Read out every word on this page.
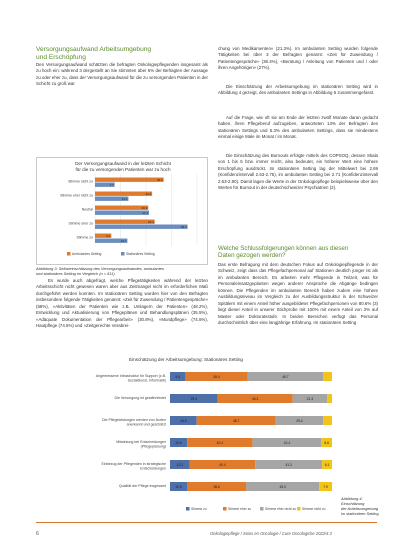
Versorgungsaufwand Arbeitsumgebung
und Erschöpfung
Den Versorgungsaufwand schätzten die befragten Onkologiepflegenden insgesamt als zu hoch ein: während 3 dergestellt an Sie stimmten über 6% der Befragten der Aussage zu oder eher zu, dass der Versorgungsaufwand für die zu versorgenden Patienten in der Schicht zu groß war
Der Versorgungsaufwand in der letzten Schicht
für die zu versorgenden Patienten war zu hoch
Stimme nicht zu	26.9
7.7
Stimme eher nicht zu	22.4
13.1
Neutral	20.9
21.2
Stimme eher zu	23.4
36.3
Stimme zu	6.4
12.7
Ambulantes Setting	Stationäres Setting
Abbildung 3: Selbsteinschätzung des Versorgungsaufwandes, ambulantes
und stationäres Setting im Vergleich (n = 611)
Es wurde auch abgefragt, welche Pflegetätigkeiten während der letzten Arbeitsschicht nicht gewesen waren aber aus Zeitmangel nicht im erforderlichen Maß durchgeführt werden konnten. Im stationären Setting wurden hier von den Befragten insbesondere folgende Tätigkeiten genannt: «Zeit für Zuwendung / Patientengespräche» (68%), «Aktivitäten der Patienten wie z.B. Umlagern der Patienten» (48.2%), Entwicklung und Aktualisierung von Pflegeplänen und Behandlungsplänen (35.5%), «Adäquate Dokumentation der Pflegearbeit» (30.8%), «Mundpflege» (74.5%), Hautpflege (74.5%) und «Zeitgerechte Verabrei-
chung von Medikamenten» (21.3%). Im ambulanten Setting wurden folgende Tätigkeiten bei über 3 der Befragten genannt: «Zeit für Zuwendung / Patientengespräche» (38.4%), «Beratung / Anleitung von Patienten und / oder ihren Angehörigen» (27%).
Die Einschätzung der Arbeitsumgebung im stationären Setting wird in Abbildung 4 gezeigt, des ambulanten Settings in Abbildung 5 zusammengefasst.
Auf die Frage, wie oft sie am Ende der letzten zwölf Monate daran gedacht haben, ihren Pflegeberuf aufzugeben, antworteten 13% der Befragten des stationären Settings und 5.3% des ambulanten Settings, dass sie mindestens einmal einige Male im Monat / im Monat.
Die Einschätzung des Burnouts erfolgte mittels des COPSOQ, dessen Skala von 1 bis 5 bzw. immer reicht, also bedeutet, ein höherer Wert eine höhere Erschöpfung ausdrückt. Im stationären Setting lag der Mittelwert bei 2.69 (Konfidenzintervall 2.63-2.75), im ambulanten Setting bei 2.71 (Konfidenzintervall 2.63-2.80). Damit lagen die Werte in der Onkologiepflege beispielsweise über den Werten für Burnout in der deutschschweizer Psychiatrien (2).
Welche Schlussfolgerungen können aus diesen
Daten gezogen werden?
Das erste Befragung mit dem deutschen Fokus auf Onkologiepflegende in der Schweiz, zeigt dass das Pflegefachpersonal auf Stationen deutlich jünger ist als im ambulanten Bereich. Es arbeiten mehr Pflegende in Teilzeit, was für Personaleinsatzgeplanten wegen anderer Ansprüche die Abgänge bedingen können. Die Pflegenden im ambulanten Bereich haben zudem eine höhere Ausbildungsniveau im Vergleich zu der Ausbildungsstruktur in der Schweizer Spitälern mit einem Anteil höher ausgebildeter Pflegefachpersonen von 80.6% (3) liegt dieser Anteil in unserer Stichprobe mit 100% mit einem Anteil von 3% auf Master oder Doktoratsstufe. In beiden Bereichen verfügt das Personal durchschnittlich über eine langjährige Erfahrung. Im stationären Setting
Einschätzung der Arbeitsumgebung: Stationäres Setting
Angemessene Infrastruktur für Support (z.B. Sozialdienst, Informatik)
9.5	38.4	46.7
Die Versorgung ist gewährleistet	29.4	46.3	21.3
Die Pflegeleistungen werden von Ärzten anerkannt und geschätzt
16.5	48.7	29.4
Mitwirkung bei Entscheidungen (Pflegeplanung)
10.6	40.4	42.4	6.6
Einbezug der Pflegenden in strategische Entscheidungen
12.2	40.4	41.3	6.1
Qualität der Pflege insgesamt	10.5	36.6	45.0	7.9
Stimme zu	Stimme eher zu	Stimme eher nicht zu Stimme nicht zu
Abbildung 4:
Einschätzung
der Arbeitsumgebung
im stationären Setting
6	Onkologiepflege / Soins en Oncologie / Cure Oncologiche 2022/4 3
